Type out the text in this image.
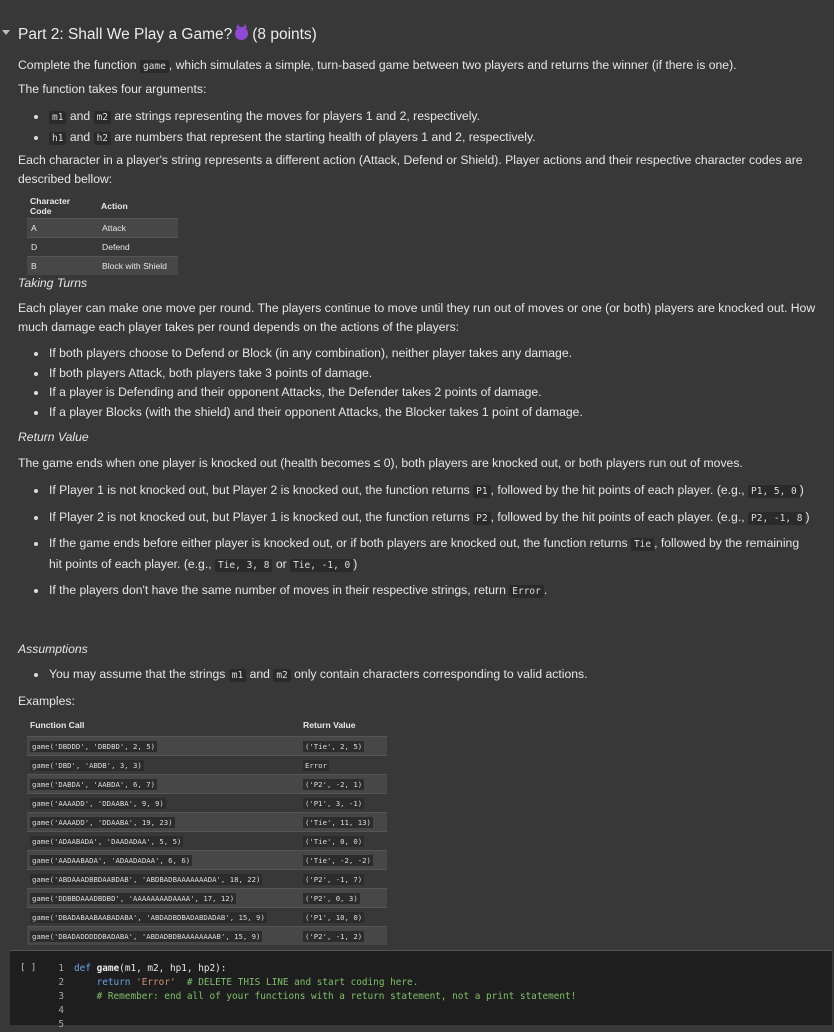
Part 2: Shall We Play a Game? (8 points)
Complete the function game , which simulates a simple, turn-based game between two players and returns the winner (if there is one).
The function takes four arguments:
m1 and m2 are strings representing the moves for players 1 and 2, respectively.
h1 and h2 are numbers that represent the starting health of players 1 and 2, respectively.
Each character in a player's string represents a different action (Attack, Defend or Shield). Player actions and their respective character codes are described bellow:
Character Code	Action
A	Attack
D	Defend
B	Block with Shield
Taking Turns
Each player can make one move per round. The players continue to move until they run out of moves or one (or both) players are knocked out. How much damage each player takes per round depends on the actions of the players:
If both players choose to Defend or Block (in any combination), neither player takes any damage.
If both players Attack, both players take 3 points of damage.
If a player is Defending and their opponent Attacks, the Defender takes 2 points of damage.
If a player Blocks (with the shield) and their opponent Attacks, the Blocker takes 1 point of damage.
Return Value
The game ends when one player is knocked out (health becomes ≤ 0), both players are knocked out, or both players run out of moves.
If Player 1 is not knocked out, but Player 2 is knocked out, the function returns P1 , followed by the hit points of each player. (e.g., P1, 5, 0 )
If Player 2 is not knocked out, but Player 1 is knocked out, the function returns P2 , followed by the hit points of each player. (e.g., P2, -1, 8 )
If the game ends before either player is knocked out, or if both players are knocked out, the function returns Tie , followed by the remaining hit points of each player. (e.g., Tie, 3, 8 or Tie, -1, 0 )
If the players don't have the same number of moves in their respective strings, return Error .
Assumptions
You may assume that the strings m1 and m2 only contain characters corresponding to valid actions.
Examples:
Function Call	Return Value
game('DBDDD', 'DBDBD', 2, 5)	('Tie', 2, 5)
game('DBD', 'ABDB', 3, 3)	Error
game('DABDA', 'AABDA', 6, 7)	('P2', -2, 1)
game('AAAADD', 'DDAABA', 9, 9)	('P1', 3, -1)
game('AAAADD', 'DDAABA', 19, 23)	('Tie', 11, 13)
game('ADAABADA', 'DAADADAA', 5, 5)	('Tie', 0, 0)
game('AADAABADA', 'ADAADADAA', 6, 6)	('Tie', -2, -2)
game('ABDAAADBBDAABDAB', 'ABDBADBAAAAAAADA', 18, 22)	('P2', -1, 7)
game('DDBBDAAADBDBD', 'AAAAAAAADAAAA', 17, 12)	('P2', 0, 3)
game('DBADABAABAABADABA', 'ABDADBDBADABDADAB', 15, 9)	('P1', 10, 0)
game('DBADADDDDDBADABA', 'ABDADBDBAAAAAAAAB', 15, 9)	('P2', -1, 2)
[ ]	1 def game(m1, m2, hp1, hp2):
2	return 'Error' # DELETE THIS LINE and start coding here.
3	# Remember: end all of your functions with a return statement, not a print statement!
4
5
